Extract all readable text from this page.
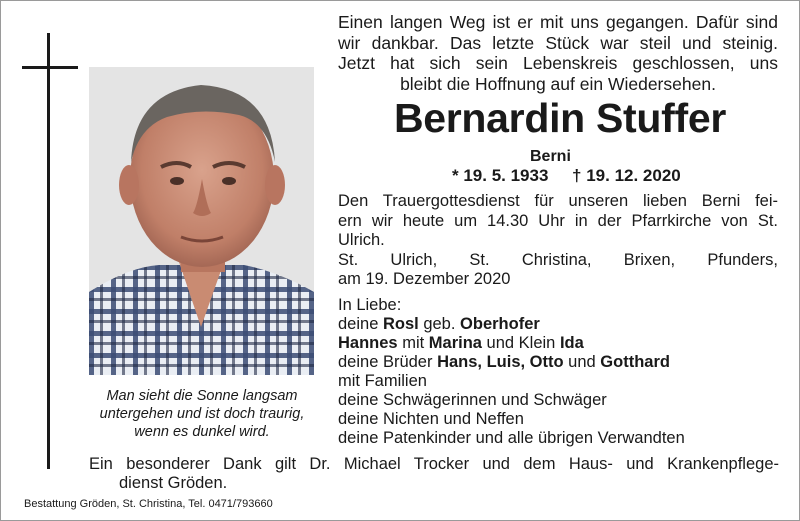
Man sieht die Sonne langsam
untergehen und ist doch traurig,
wenn es dunkel wird.
Einen langen Weg ist er mit uns gegangen. Dafür sind
wir dankbar. Das letzte Stück war steil und steinig.
Jetzt hat sich sein Lebenskreis geschlossen, uns
bleibt die Hoffnung auf ein Wiedersehen.
Bernardin Stuffer
Berni
* 19. 5. 1933 † 19. 12. 2020
Den Trauergottesdienst für unseren lieben Berni fei-
ern wir heute um 14.30 Uhr in der Pfarrkirche von St.
Ulrich.
St. Ulrich, St. Christina, Brixen, Pfunders,
am 19. Dezember 2020
In Liebe:
deine Rosl geb. Oberhofer
Hannes mit Marina und Klein Ida
deine Brüder Hans, Luis, Otto und Gotthard
mit Familien
deine Schwägerinnen und Schwäger
deine Nichten und Neffen
deine Patenkinder und alle übrigen Verwandten
Ein besonderer Dank gilt Dr. Michael Trocker und dem Haus- und Krankenpflege-
dienst Gröden.
Bestattung Gröden, St. Christina, Tel. 0471/793660
